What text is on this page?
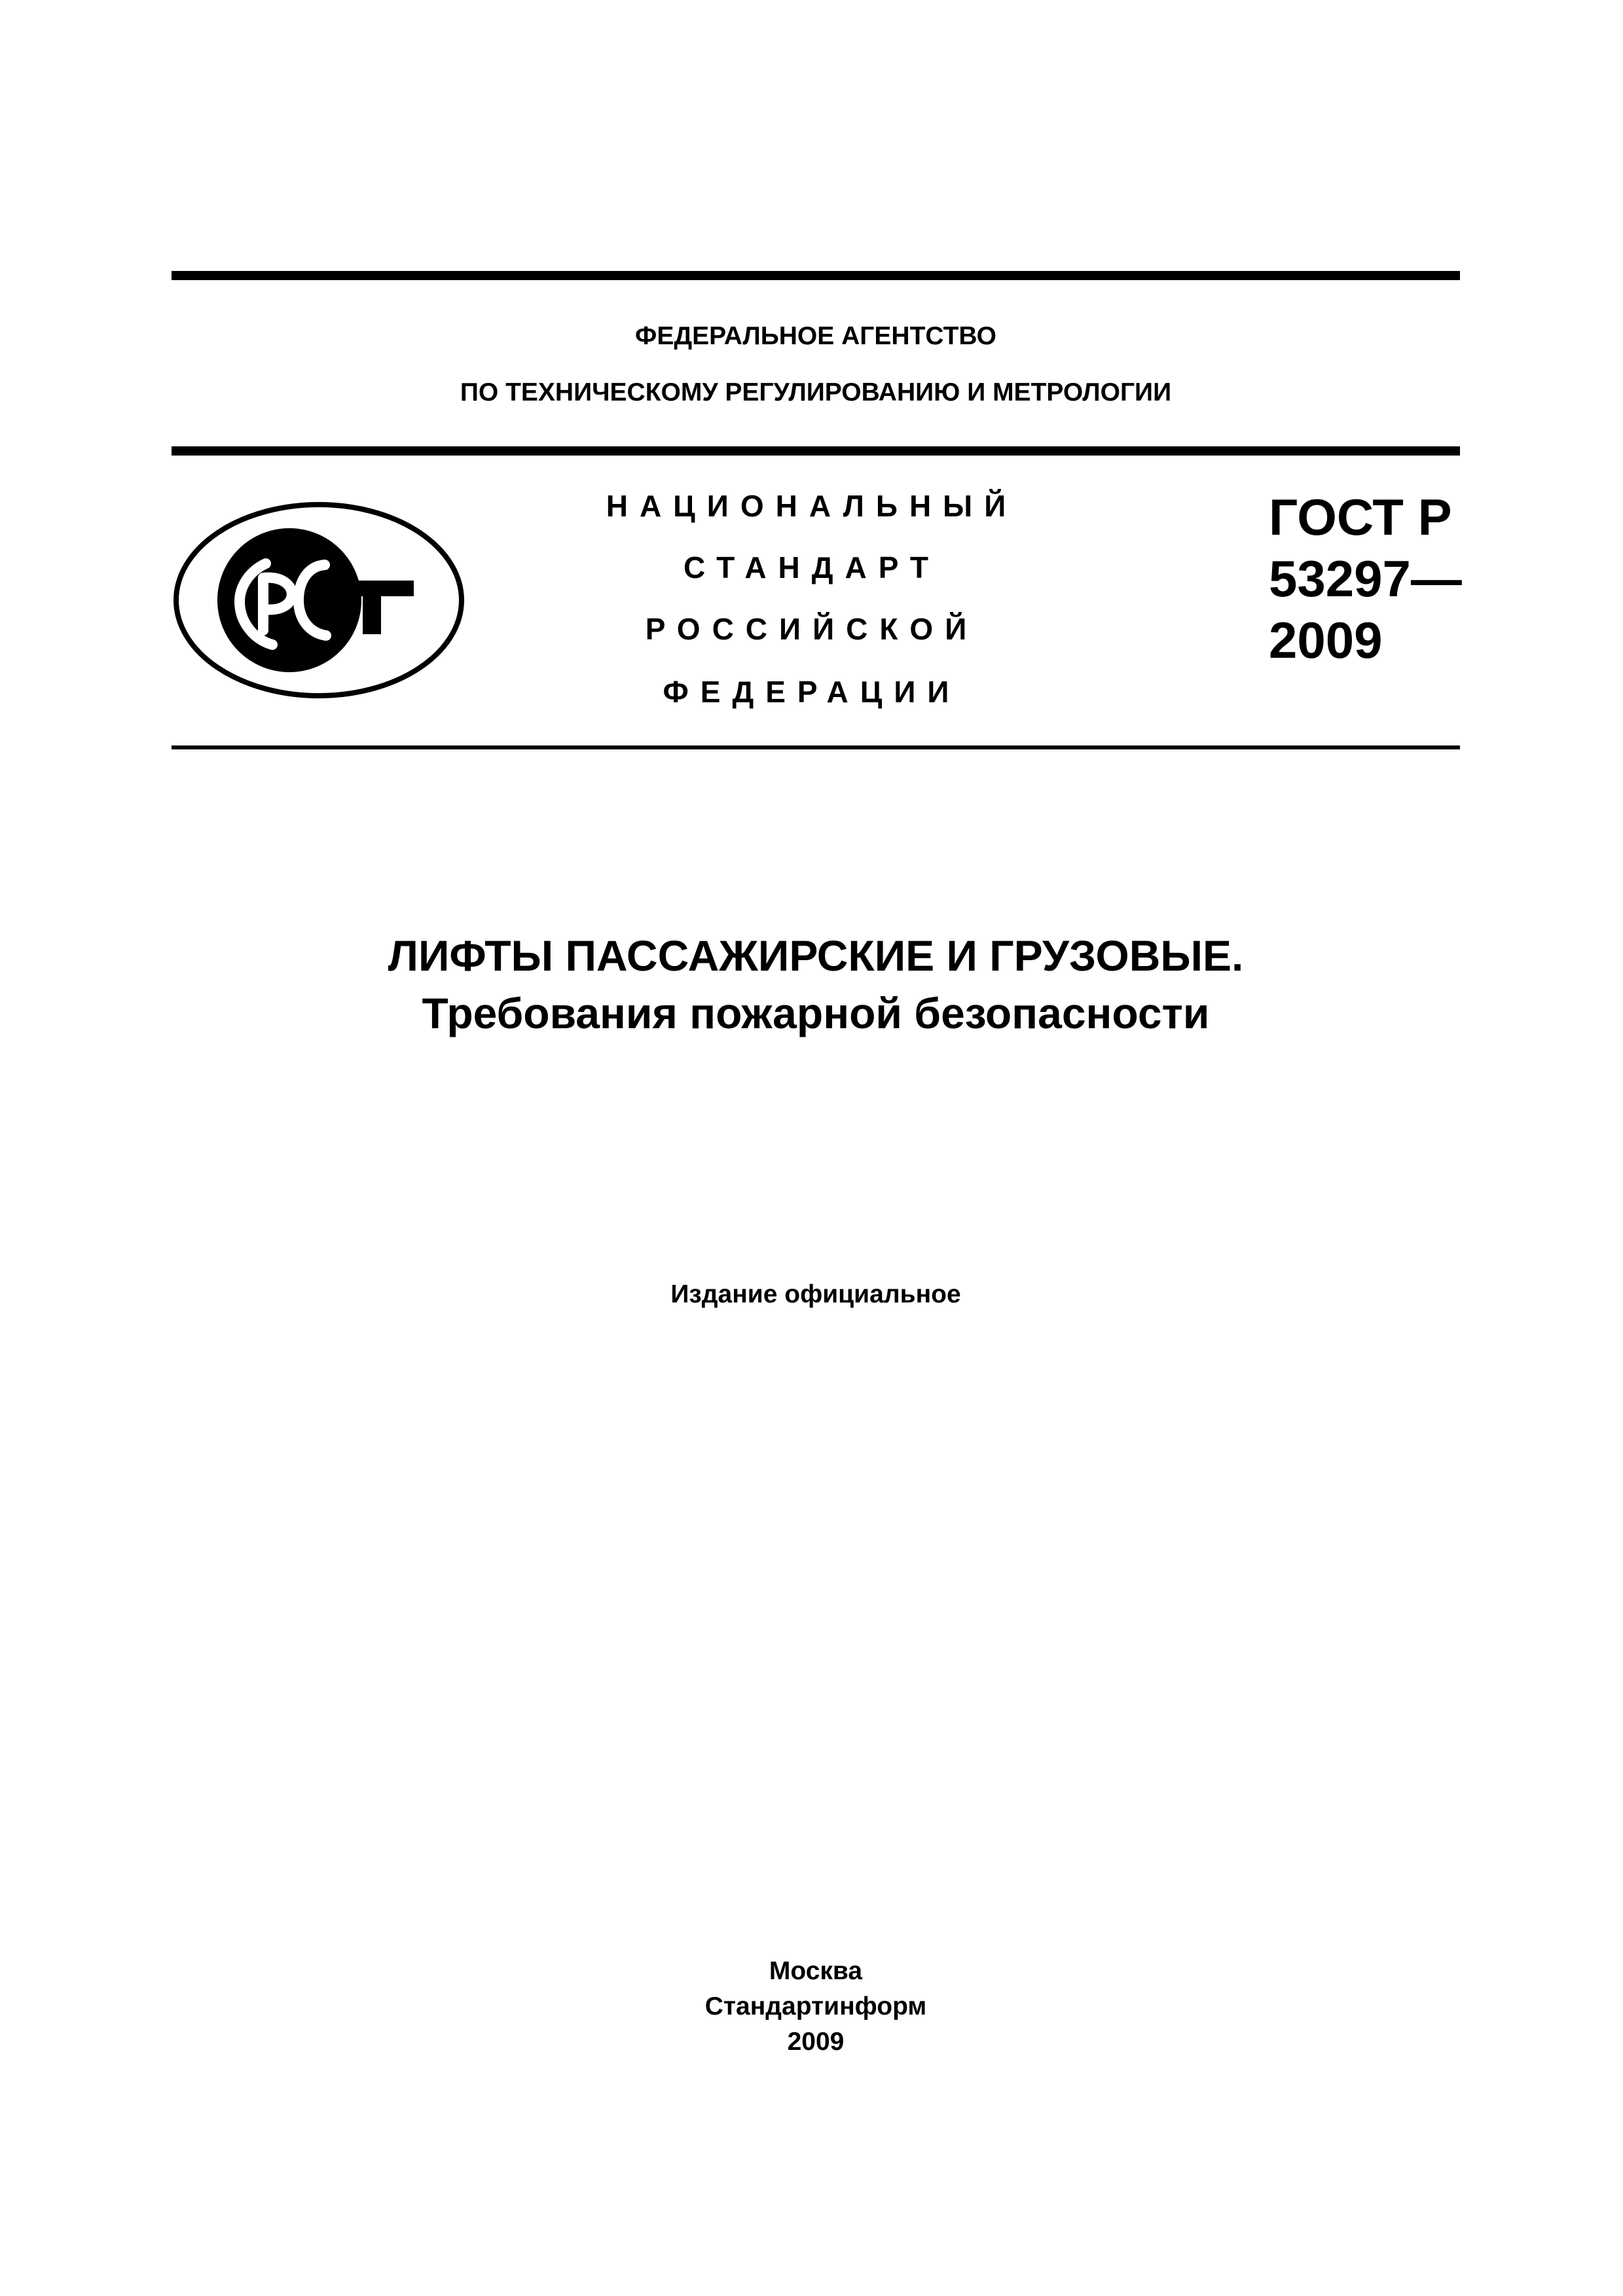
ФЕДЕРАЛЬНОЕ АГЕНТСТВО
ПО ТЕХНИЧЕСКОМУ РЕГУЛИРОВАНИЮ И МЕТРОЛОГИИ
НАЦИОНАЛЬНЫЙ
СТАНДАРТ
РОССИЙСКОЙ
ФЕДЕРАЦИИ
ГОСТ Р
53297—
2009
ЛИФТЫ ПАССАЖИРСКИЕ И ГРУЗОВЫЕ.
Требования пожарной безопасности
Издание официальное
Москва
Стандартинформ
2009
